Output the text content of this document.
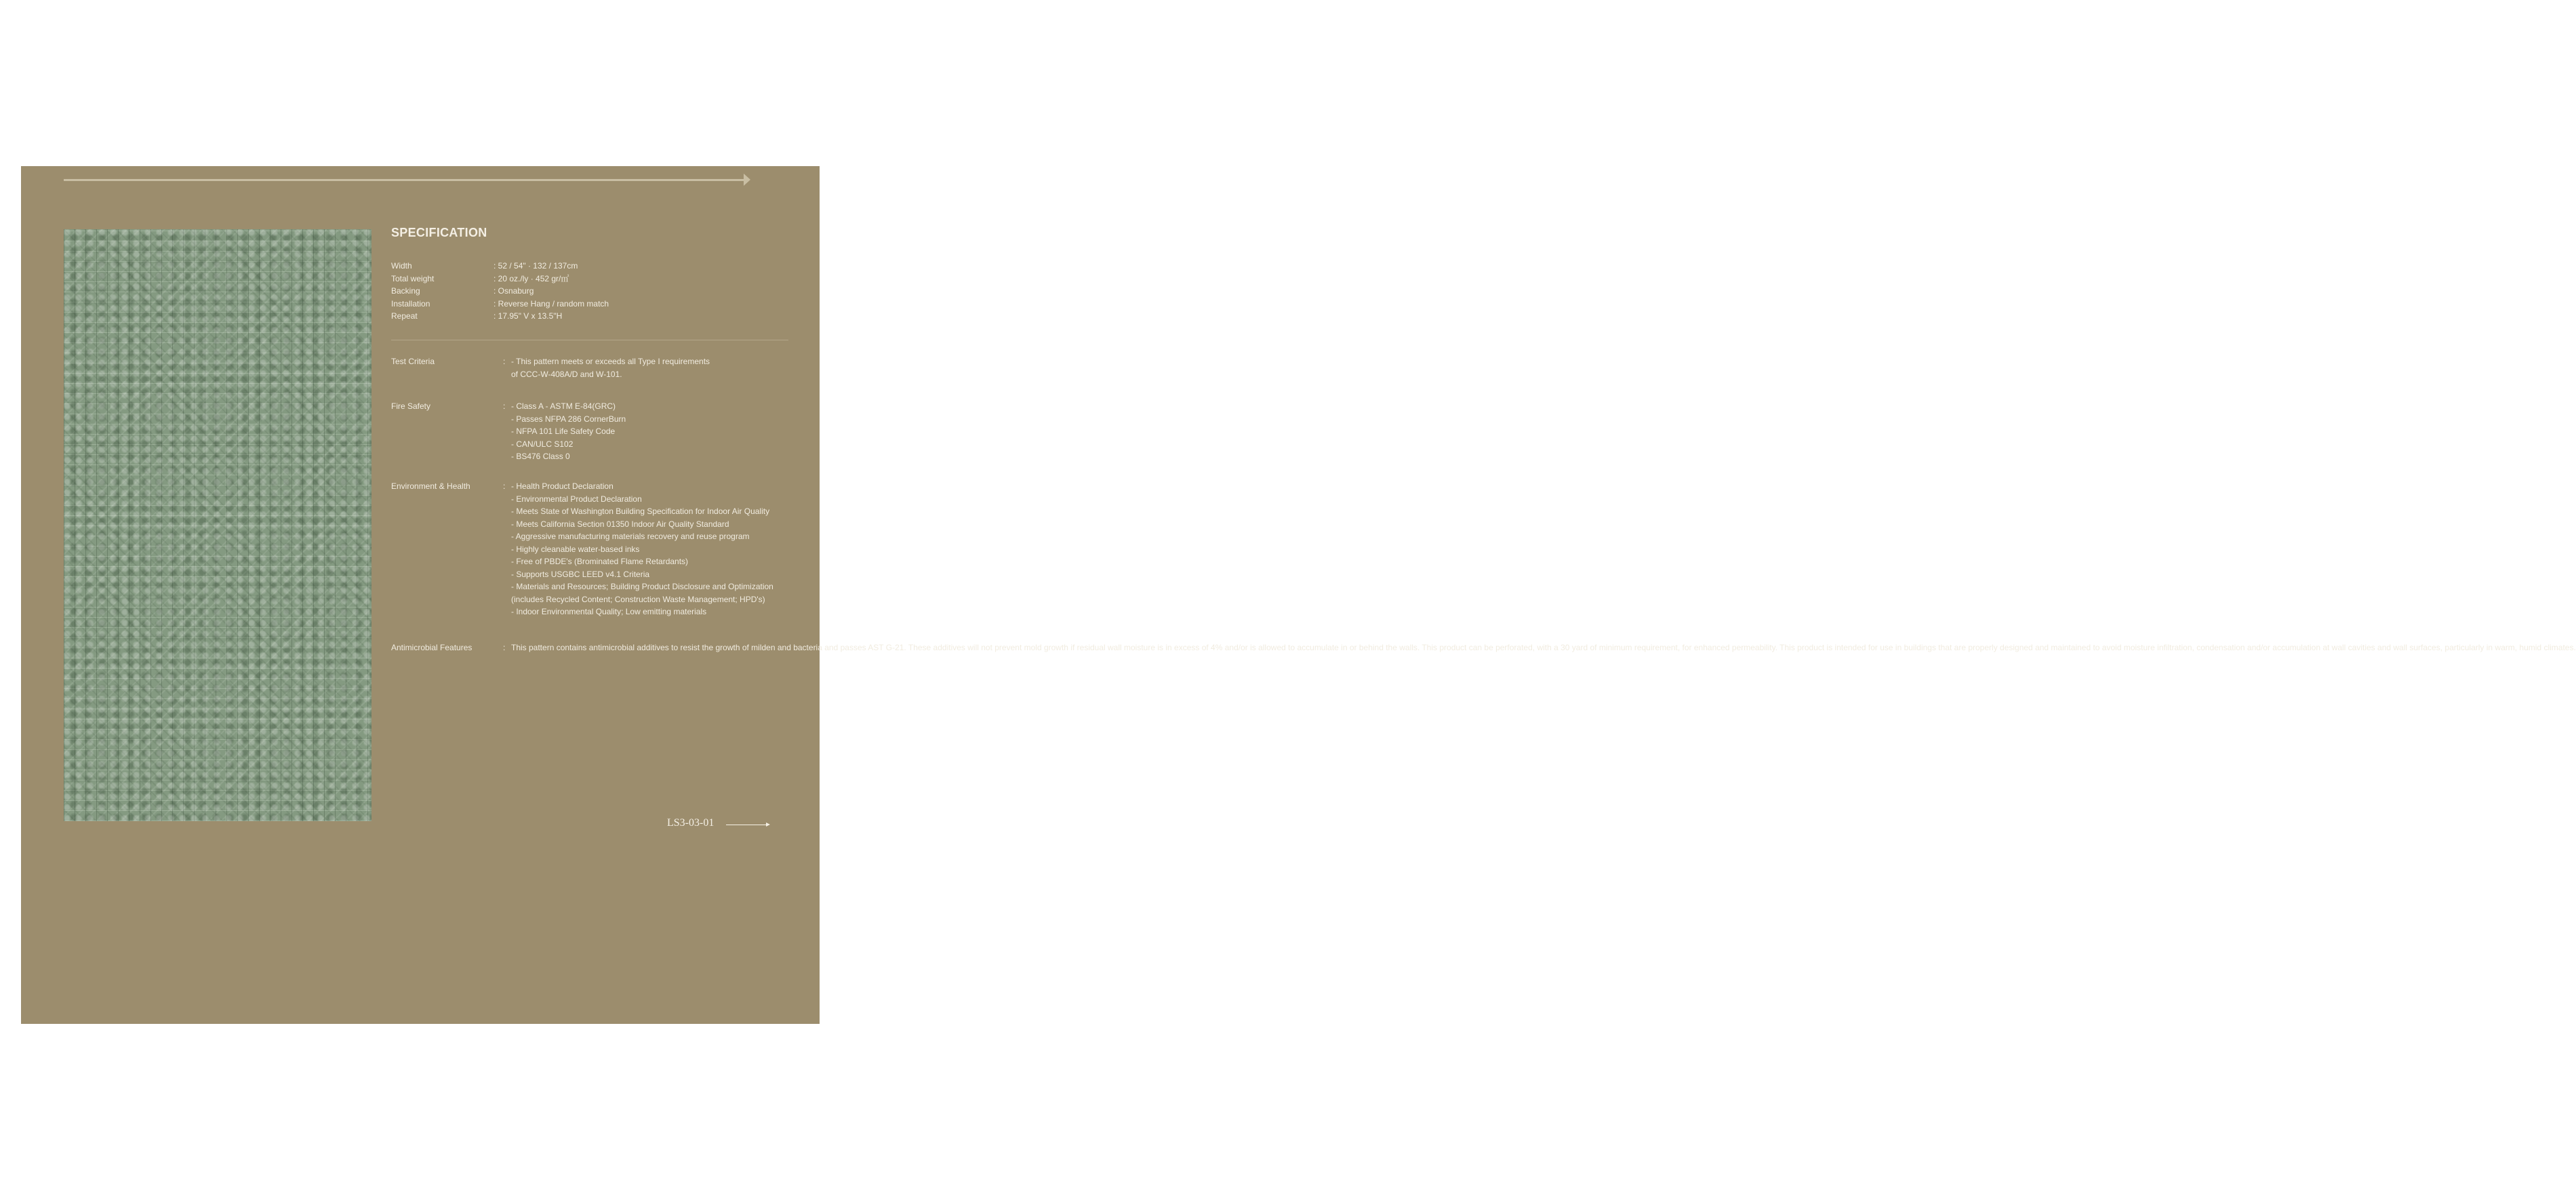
SPECIFICATION
Width	: 52 / 54" · 132 / 137cm
Total weight	: 20 oz./ly · 452 gr/㎡
Backing	: Osnaburg
Installation	: Reverse Hang / random match
Repeat	: 17.95" V x 13.5"H
Test Criteria	: - This pattern meets or exceeds all Type I requirements
of CCC-W-408A/D and W-101.
Fire Safety	: - Class A - ASTM E-84(GRC)
- Passes NFPA 286 CornerBurn
- NFPA 101 Life Safety Code
- CAN/ULC S102
- BS476 Class 0
Environment & Health	: - Health Product Declaration
- Environmental Product Declaration
- Meets State of Washington Building Specification for Indoor Air Quality
- Meets California Section 01350 Indoor Air Quality Standard
- Aggressive manufacturing materials recovery and reuse program
- Highly cleanable water-based inks
- Free of PBDE's (Brominated Flame Retardants)
- Supports USGBC LEED v4.1 Criteria
- Materials and Resources; Building Product Disclosure and Optimization
(includes Recycled Content; Construction Waste Management; HPD's)
- Indoor Environmental Quality; Low emitting materials
Antimicrobial Features	: This pattern contains antimicrobial additives to resist the growth of milden and bacteria and passes AST G-21. These additives will not prevent mold growth if residual wall moisture is in excess of 4% and/or is allowed to accumulate in or behind the walls. This product can be perforated, with a 30 yard of minimum requirement, for enhanced permeability. This product is intended for use in buildings that are properly designed and maintained to avoid moisture infiltration, condensation and/or accumulation at wall cavities and wall surfaces, particularly in warm, humid climates.
LS3-03-01
